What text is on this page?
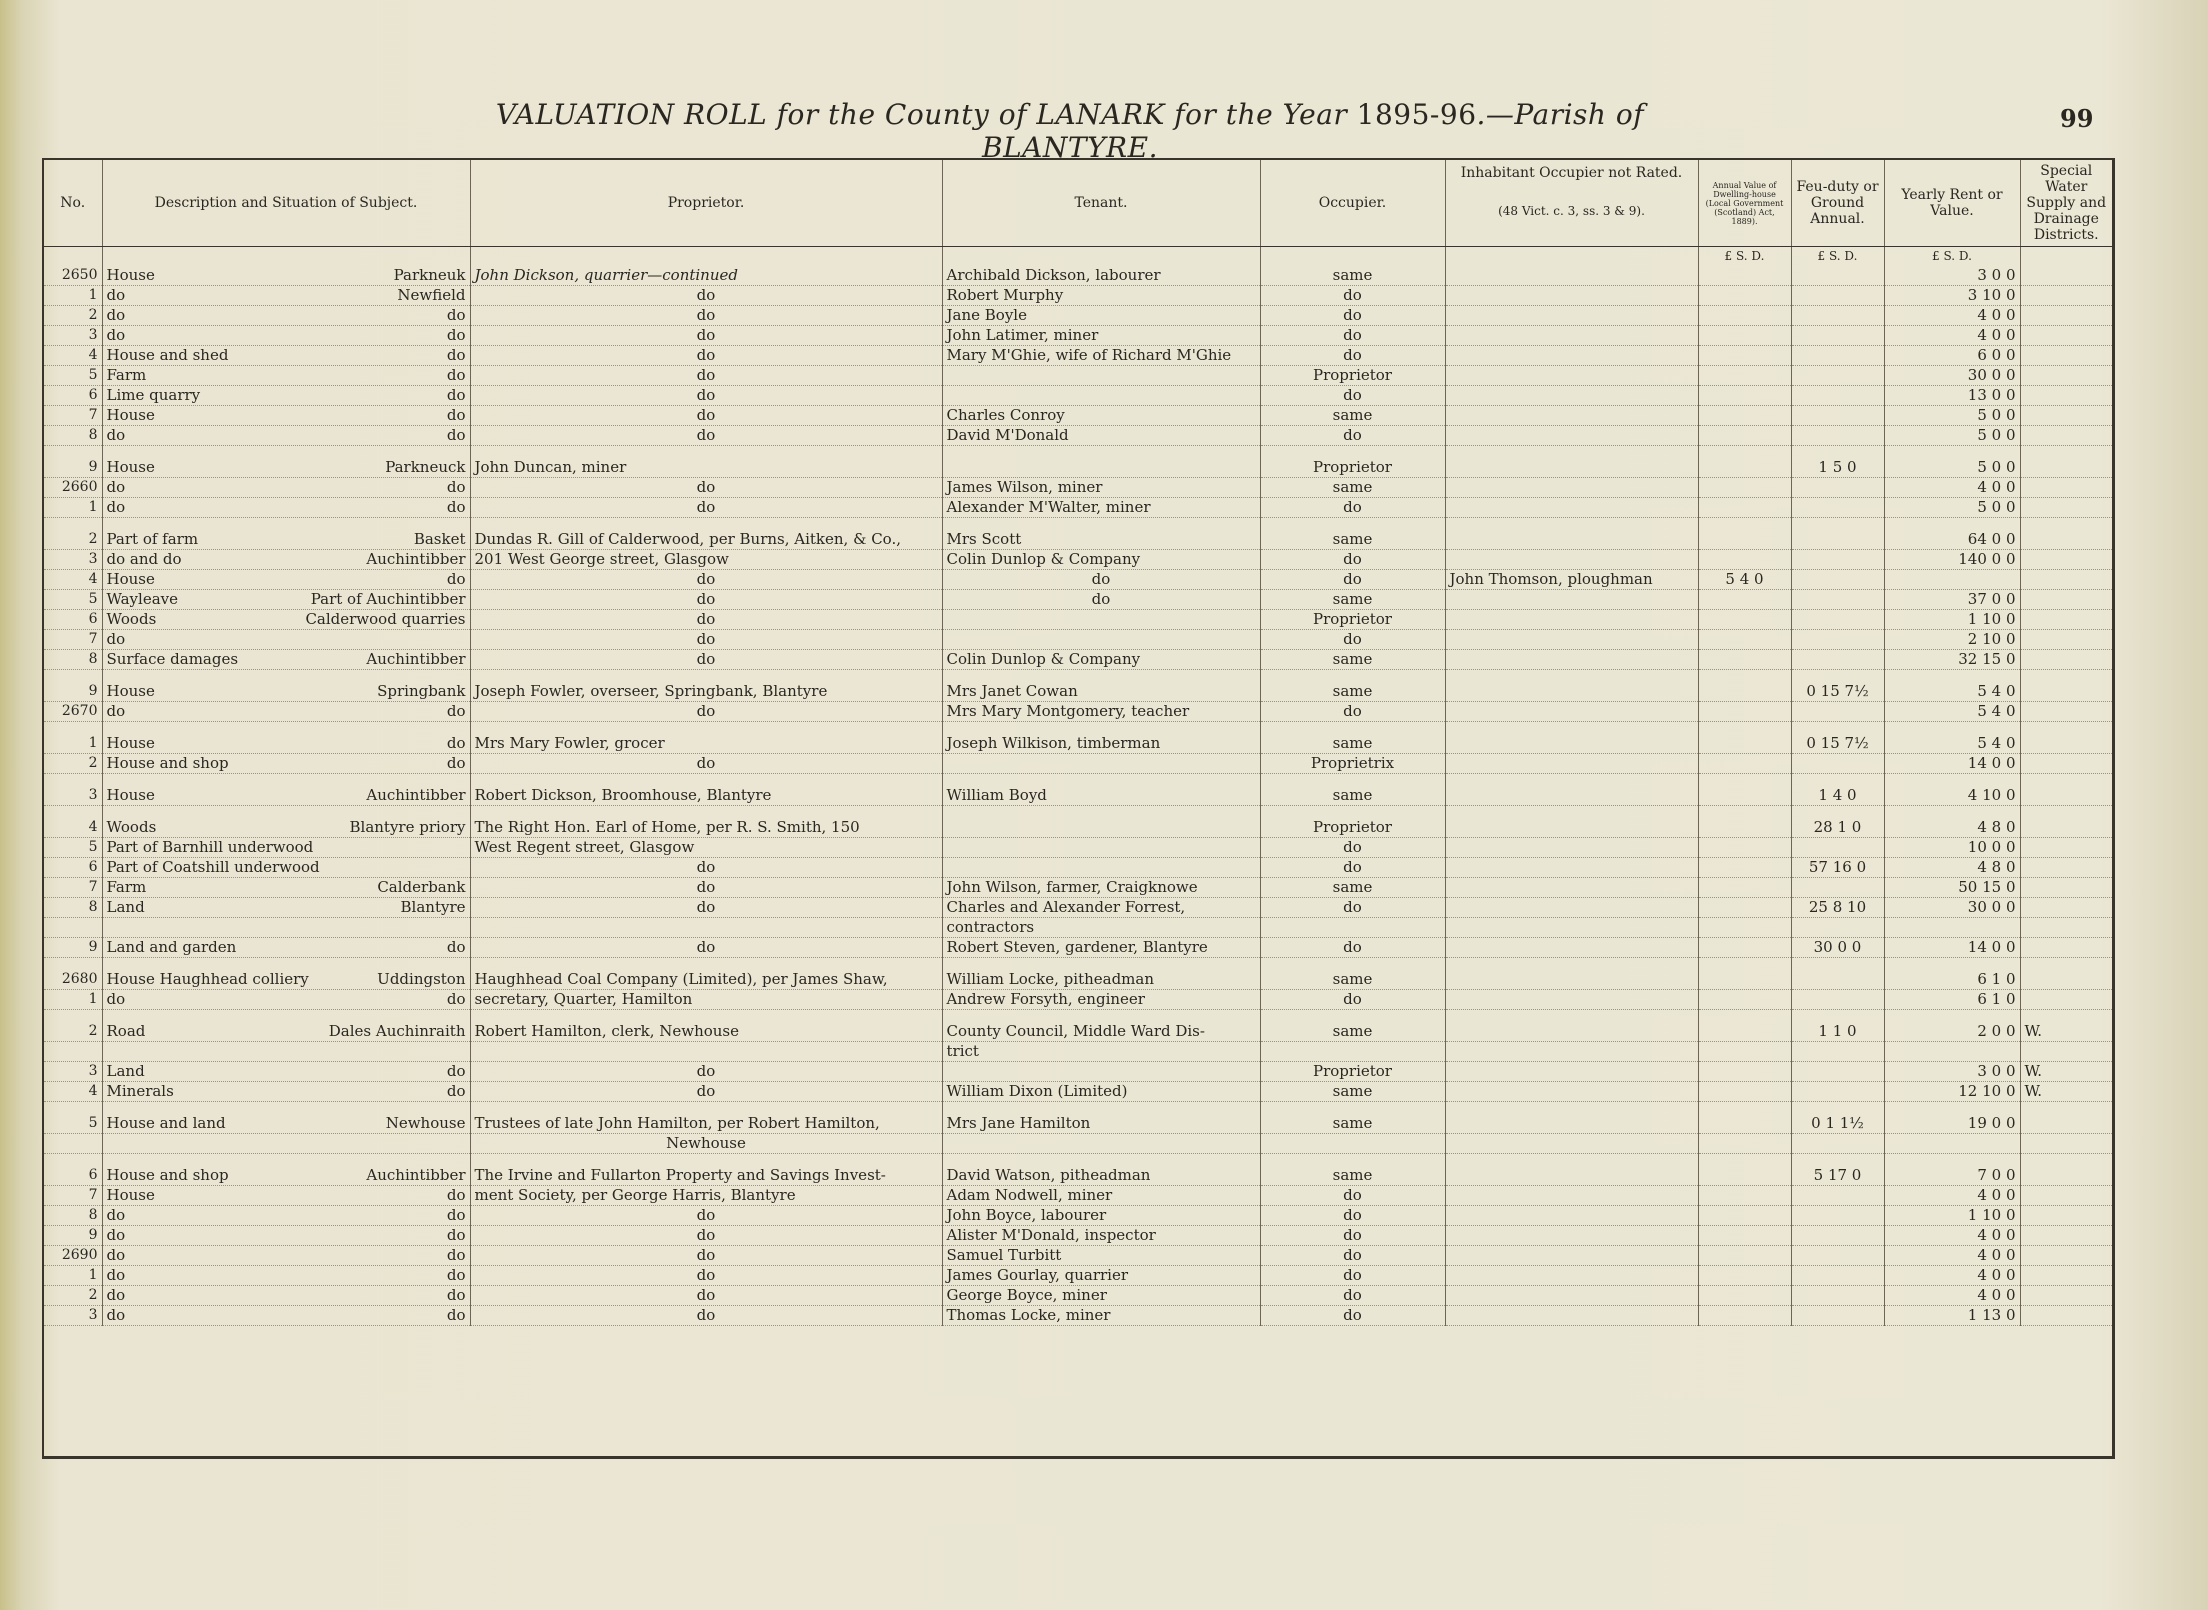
VALUATION ROLL for the County of LANARK for the Year 1895-96.—Parish of BLANTYRE.
99
No.	Description and Situation of Subject.	Proprietor.	Tenant.	Occupier.	Inhabitant Occupier not Rated.
(48 Vict. c. 3, ss. 3 & 9).	Annual Value of Dwelling-house (Local Government (Scotland) Act, 1889).	Feu-duty or Ground Annual.	Yearly Rent or Value.	Special Water Supply and Drainage Districts.
						£ S. D.	£ S. D.	£ S. D.	
2650	House Parkneuk	John Dickson, quarrier—continued	Archibald Dickson, labourer	same				3 0 0	
1	do Newfield	do	Robert Murphy	do				3 10 0	
2	do do	do	Jane Boyle	do				4 0 0	
3	do do	do	John Latimer, miner	do				4 0 0	
4	House and shed do	do	Mary M'Ghie, wife of Richard M'Ghie	do				6 0 0	
5	Farm do	do		Proprietor				30 0 0	
6	Lime quarry do	do		do				13 0 0	
7	House do	do	Charles Conroy	same				5 0 0	
8	do do	do	David M'Donald	do				5 0 0	

9	House Parkneuck	John Duncan, miner		Proprietor			1 5 0	5 0 0	
2660	do do	do	James Wilson, miner	same				4 0 0	
1	do do	do	Alexander M'Walter, miner	do				5 0 0	

2	Part of farm Basket	Dundas R. Gill of Calderwood, per Burns, Aitken, & Co.,	Mrs Scott	same				64 0 0	
3	do and do Auchintibber	201 West George street, Glasgow	Colin Dunlop & Company	do				140 0 0	
4	House do	do	do	do	John Thomson, ploughman	5 4 0			
5	Wayleave Part of Auchintibber	do	do	same				37 0 0	
6	Woods Calderwood quarries	do		Proprietor				1 10 0	
7	do	do		do				2 10 0	
8	Surface damages Auchintibber	do	Colin Dunlop & Company	same				32 15 0	

9	House Springbank	Joseph Fowler, overseer, Springbank, Blantyre	Mrs Janet Cowan	same			0 15 7½	5 4 0	
2670	do do	do	Mrs Mary Montgomery, teacher	do				5 4 0	

1	House do	Mrs Mary Fowler, grocer	Joseph Wilkison, timberman	same			0 15 7½	5 4 0	
2	House and shop do	do		Proprietrix				14 0 0	

3	House Auchintibber	Robert Dickson, Broomhouse, Blantyre	William Boyd	same			1 4 0	4 10 0	

4	Woods Blantyre priory	The Right Hon. Earl of Home, per R. S. Smith, 150		Proprietor			28 1 0	4 8 0	
5	Part of Barnhill underwood	West Regent street, Glasgow		do				10 0 0	
6	Part of Coatshill underwood	do		do			57 16 0	4 8 0	
7	Farm Calderbank	do	John Wilson, farmer, Craigknowe	same				50 15 0	
8	Land Blantyre	do	Charles and Alexander Forrest,	do			25 8 10	30 0 0	

		contractors						
9	Land and garden do	do	Robert Steven, gardener, Blantyre	do			30 0 0	14 0 0	

2680	House Haughhead colliery Uddingston	Haughhead Coal Company (Limited), per James Shaw,	William Locke, pitheadman	same				6 1 0	
1	do do	secretary, Quarter, Hamilton	Andrew Forsyth, engineer	do				6 1 0	

2	Road Dales Auchinraith	Robert Hamilton, clerk, Newhouse	County Council, Middle Ward Dis-	same			1 1 0	2 0 0	W.

		trict						
3	Land do	do		Proprietor				3 0 0	W.
4	Minerals do	do	William Dixon (Limited)	same				12 10 0	W.

5	House and land Newhouse	Trustees of late John Hamilton, per Robert Hamilton,	Mrs Jane Hamilton	same			0 1 1½	19 0 0	

	Newhouse							

6	House and shop Auchintibber	The Irvine and Fullarton Property and Savings Invest-	David Watson, pitheadman	same			5 17 0	7 0 0	
7	House do	ment Society, per George Harris, Blantyre	Adam Nodwell, miner	do				4 0 0	
8	do do	do	John Boyce, labourer	do				1 10 0	
9	do do	do	Alister M'Donald, inspector	do				4 0 0	
2690	do do	do	Samuel Turbitt	do				4 0 0	
1	do do	do	James Gourlay, quarrier	do				4 0 0	
2	do do	do	George Boyce, miner	do				4 0 0	
3	do do	do	Thomas Locke, miner	do				1 13 0	
